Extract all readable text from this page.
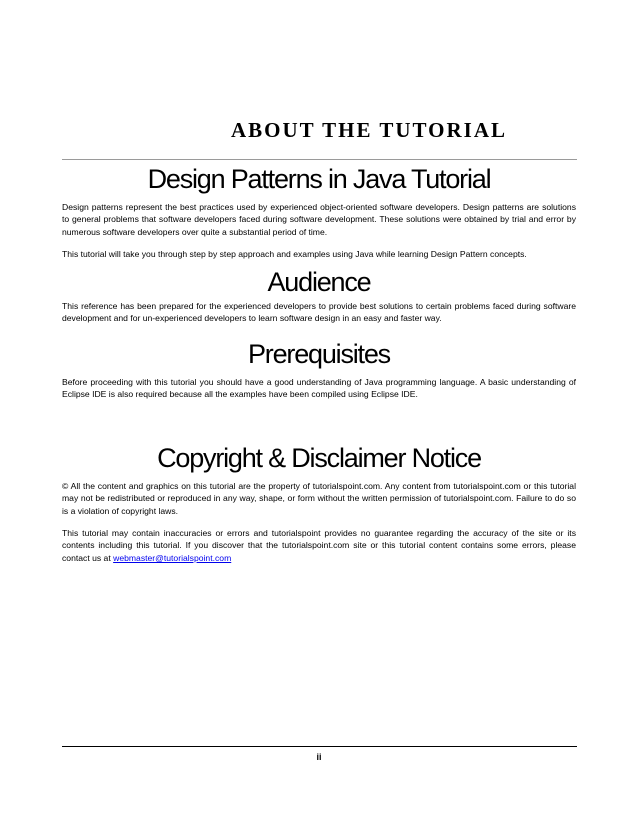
ABOUT THE TUTORIAL
Design Patterns in Java Tutorial
Design patterns represent the best practices used by experienced object-oriented software developers. Design patterns are solutions to general problems that software developers faced during software development. These solutions were obtained by trial and error by numerous software developers over quite a substantial period of time.
This tutorial will take you through step by step approach and examples using Java while learning Design Pattern concepts.
Audience
This reference has been prepared for the experienced developers to provide best solutions to certain problems faced during software development and for un-experienced developers to learn software design in an easy and faster way.
Prerequisites
Before proceeding with this tutorial you should have a good understanding of Java programming language. A basic understanding of Eclipse IDE is also required because all the examples have been compiled using Eclipse IDE.
Copyright & Disclaimer Notice
© All the content and graphics on this tutorial are the property of tutorialspoint.com. Any content from tutorialspoint.com or this tutorial may not be redistributed or reproduced in any way, shape, or form without the written permission of tutorialspoint.com. Failure to do so is a violation of copyright laws.
This tutorial may contain inaccuracies or errors and tutorialspoint provides no guarantee regarding the accuracy of the site or its contents including this tutorial. If you discover that the tutorialspoint.com site or this tutorial content contains some errors, please contact us at webmaster@tutorialspoint.com
ii
